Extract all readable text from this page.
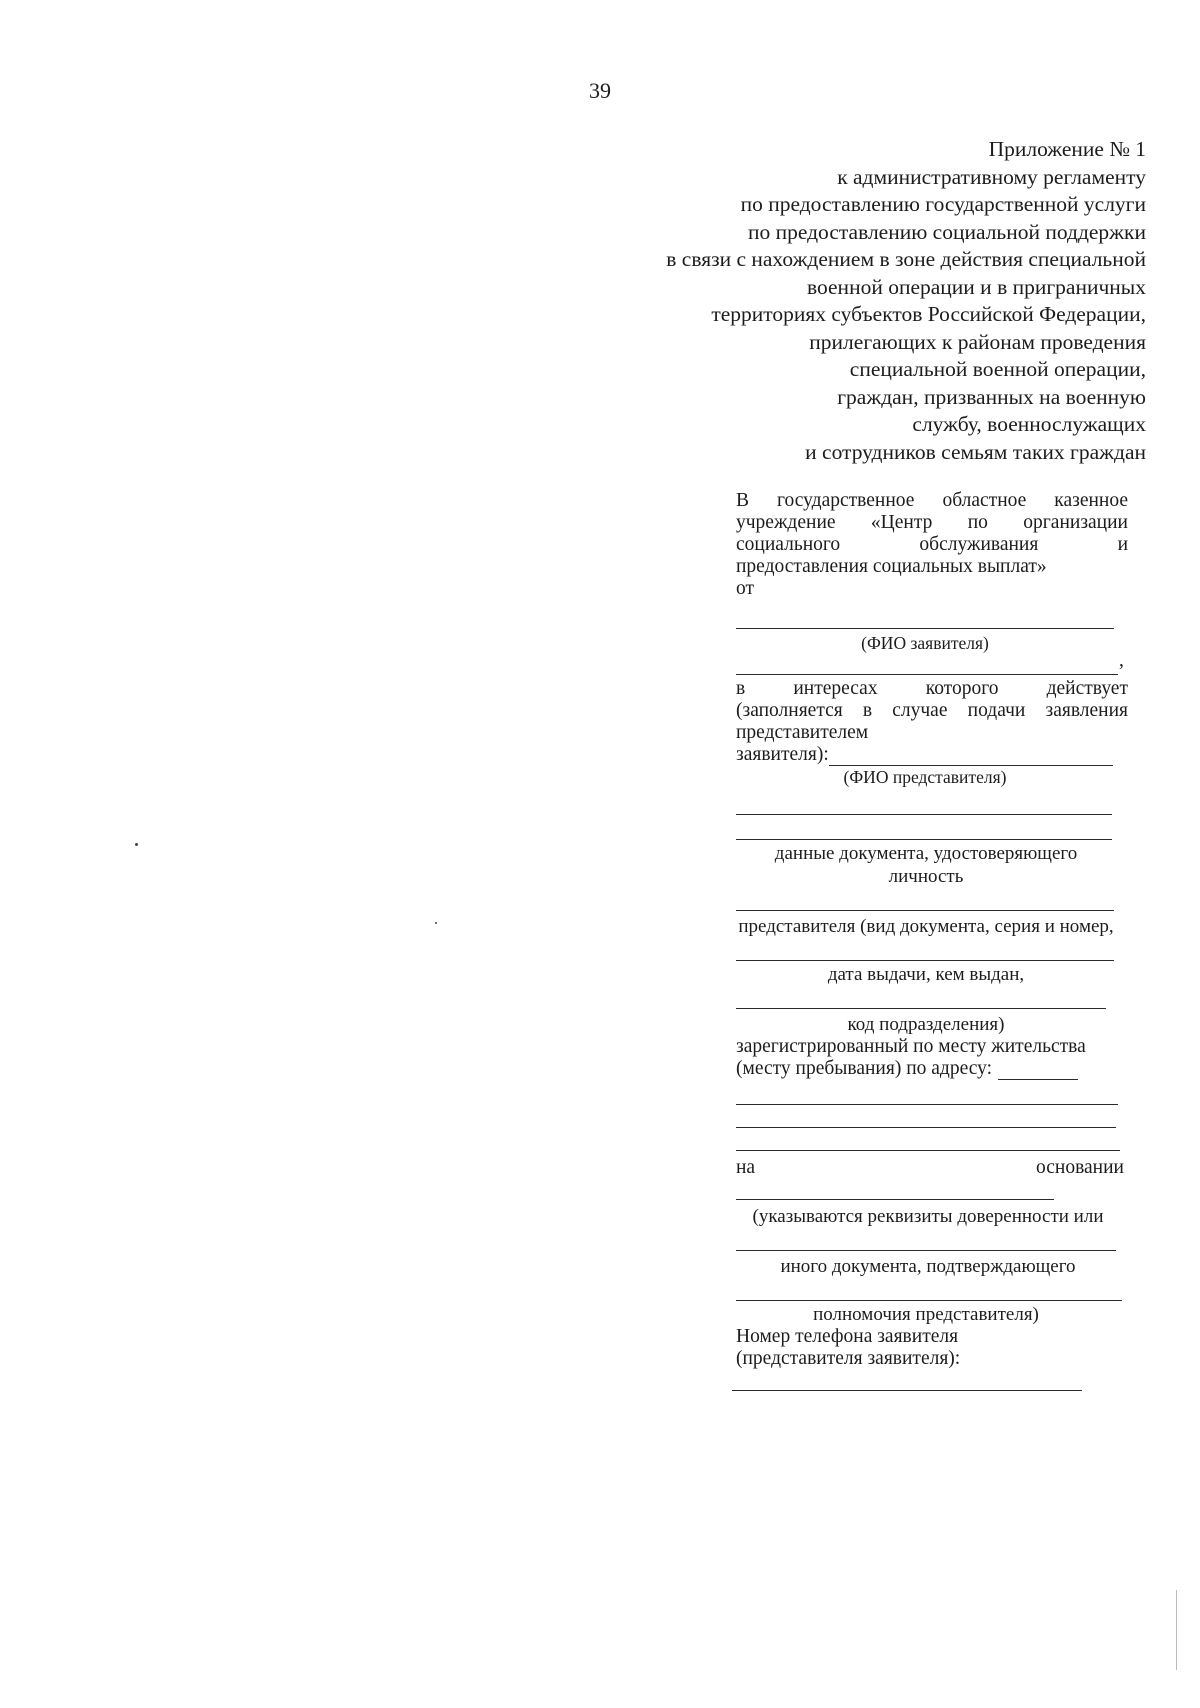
39
Приложение № 1
к административному регламенту
по предоставлению государственной услуги
по предоставлению социальной поддержки
в связи с нахождением в зоне действия специальной
военной операции и в приграничных
территориях субъектов Российской Федерации,
прилегающих к районам проведения
специальной военной операции,
граждан, призванных на военную
службу, военнослужащих
и сотрудников семьям таких граждан
В государственное областное казенное
учреждение «Центр по организации
социального обслуживания и
предоставления социальных выплат»
от
(ФИО заявителя)
,
в интересах которого действует
(заполняется в случае подачи заявления
представителем
заявителя):
(ФИО представителя)
данные документа, удостоверяющего личность
представителя (вид документа, серия и номер,
дата выдачи, кем выдан,
код подразделения)
зарегистрированный по месту жительства
(месту пребывания) по адресу:
на	основании
(указываются реквизиты доверенности или
иного документа, подтверждающего
полномочия представителя)
Номер телефона заявителя
(представителя заявителя):
